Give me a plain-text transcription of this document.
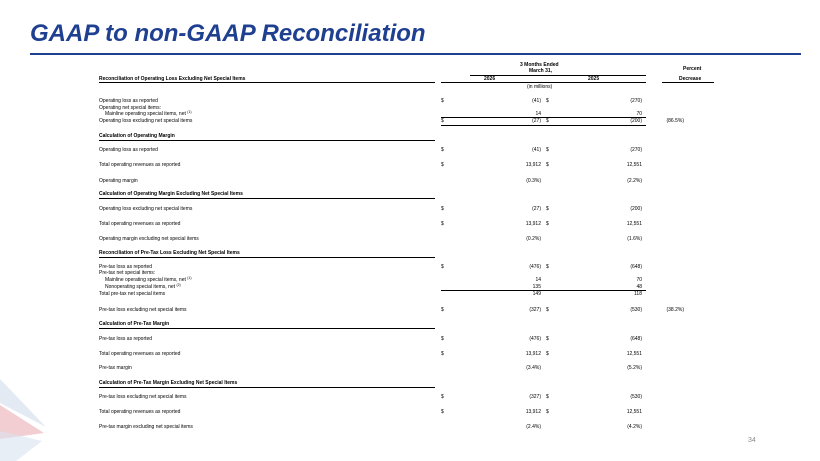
GAAP to non-GAAP Reconciliation
3 Months Ended
March 31,	Percent
Reconciliation of Operating Loss Excluding Net Special Items	2026	2025	Decrease
(in millions)
Operating loss as reported	$	(41) $	(270)
Operating net special items:
Mainline operating special items, net $^{(1)}$	14	70
Operating loss excluding net special items	$	(27) $	(200)	(86.5%)
Calculation of Operating Margin
Operating loss as reported	$	(41) $	(270)
Total operating revenues as reported	$	13,912 $	12,551
Operating margin	(0.3%)	(2.2%)
Calculation of Operating Margin Excluding Net Special Items
Operating loss excluding net special items	$	(27) $	(200)
Total operating revenues as reported	$	13,912 $	12,551
Operating margin excluding net special items	(0.2%)	(1.6%)
Reconciliation of Pre-Tax Loss Excluding Net Special Items
Pre-tax loss as reported	$	(476) $	(648)
Pre-tax net special items:
Mainline operating special items, net $^{(1)}$	14	70
Nonoperating special items, net $^{(2)}$	135	48
Total pre-tax net special items	149	118
Pre-tax loss excluding net special items	$	(327) $	(530)	(38.2%)
Calculation of Pre-Tax Margin
Pre-tax loss as reported	$	(476) $	(648)
Total operating revenues as reported	$	13,912 $	12,551
Pre-tax margin	(3.4%)	(5.2%)
Calculation of Pre-Tax Margin Excluding Net Special Items
Pre-tax loss excluding net special items	$	(327) $	(530)
Total operating revenues as reported	$	13,912 $	12,551
Pre-tax margin excluding net special items	(2.4%)	(4.2%)
34
